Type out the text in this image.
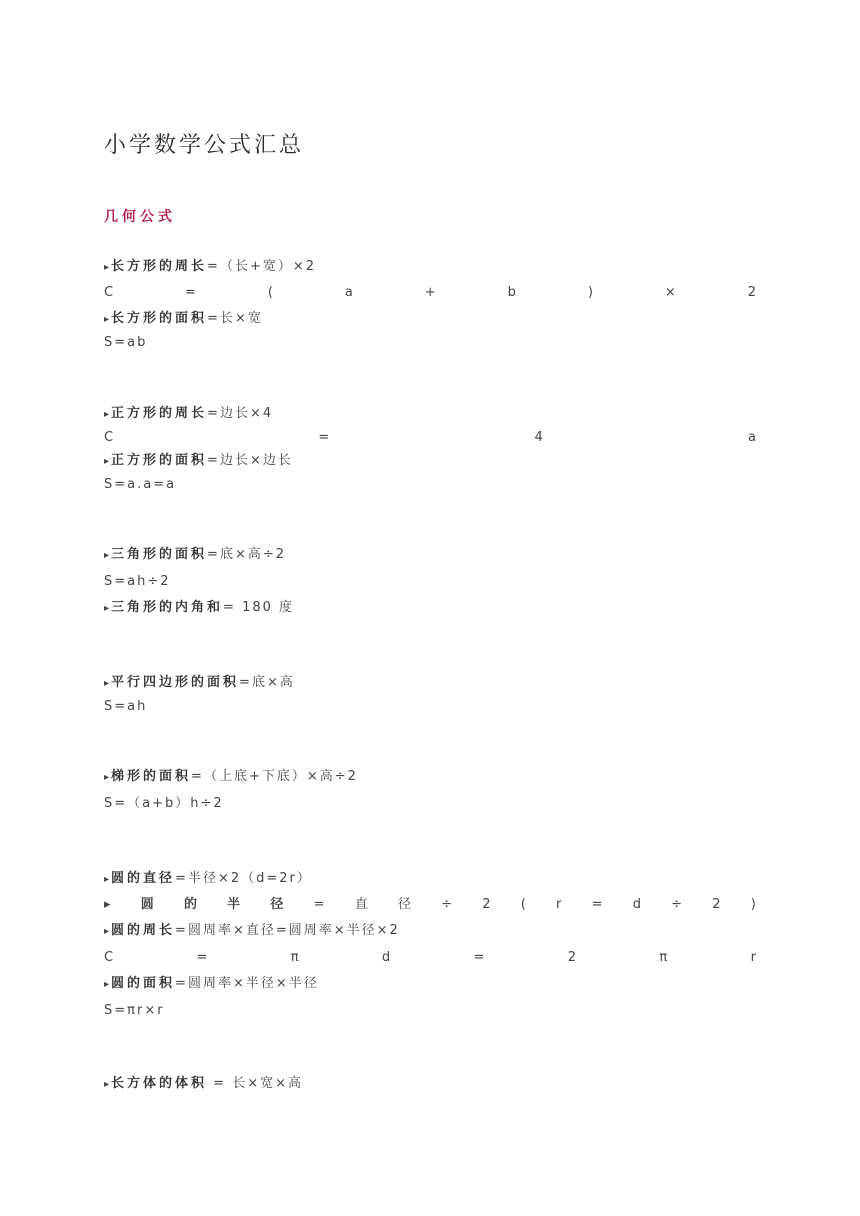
小学数学公式汇总
几何公式
▸ 长方形的周长=（长+宽）×2
C	=	(	a	+	b	)	×	2
▸ 长方形的面积=长×宽
S=ab
▸ 正方形的周长=边长×4
C	=	4	a
▸ 正方形的面积=边长×边长
S=a.a=a
▸ 三角形的面积=底×高÷2
S=ah÷2
▸ 三角形的内角和= 180 度
▸ 平行四边形的面积=底×高
S=ah
▸ 梯形的面积=（上底+下底）×高÷2
S=（a+b）h÷2
▸ 圆的直径=半径×2（d=2r）
▸ 圆 的 半 径 = 直 径 ÷ 2 ( r = d ÷ 2 )
▸ 圆的周长=圆周率×直径=圆周率×半径×2
C	=	π	d	=	2	π	r
▸ 圆的面积=圆周率×半径×半径
S=πr×r
▸ 长方体的体积 = 长×宽×高
